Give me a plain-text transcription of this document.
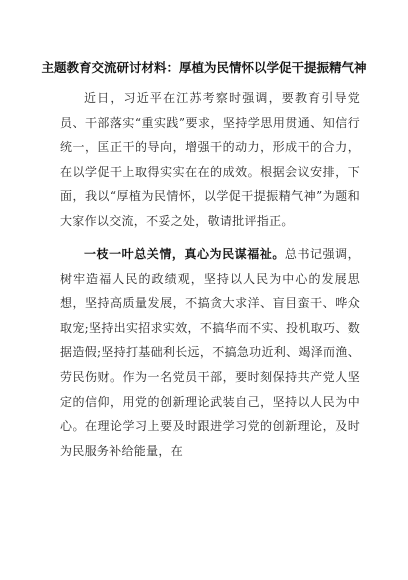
主题教育交流研讨材料：厚植为民情怀以学促干提振精气神

近日，习近平在江苏考察时强调，要教育引导党员、干部落实“重实践”要求，坚持学思用贯通、知信行统一，匡正干的导向，增强干的动力，形成干的合力，在以学促干上取得实实在在的成效。根据会议安排，下面，我以“厚植为民情怀，以学促干提振精气神”为题和大家作以交流，不妥之处，敬请批评指正。

一枝一叶总关情，真心为民谋福祉。总书记强调，树牢造福人民的政绩观，坚持以人民为中心的发展思想，坚持高质量发展，不搞贪大求洋、盲目蛮干、哗众取宠;坚持出实招求实效，不搞华而不实、投机取巧、数据造假;坚持打基础利长远，不搞急功近利、竭泽而渔、劳民伤财。作为一名党员干部，要时刻保持共产党人坚定的信仰，用党的创新理论武装自己，坚持以人民为中心。在理论学习上要及时跟进学习党的创新理论，及时为民服务补给能量，在
